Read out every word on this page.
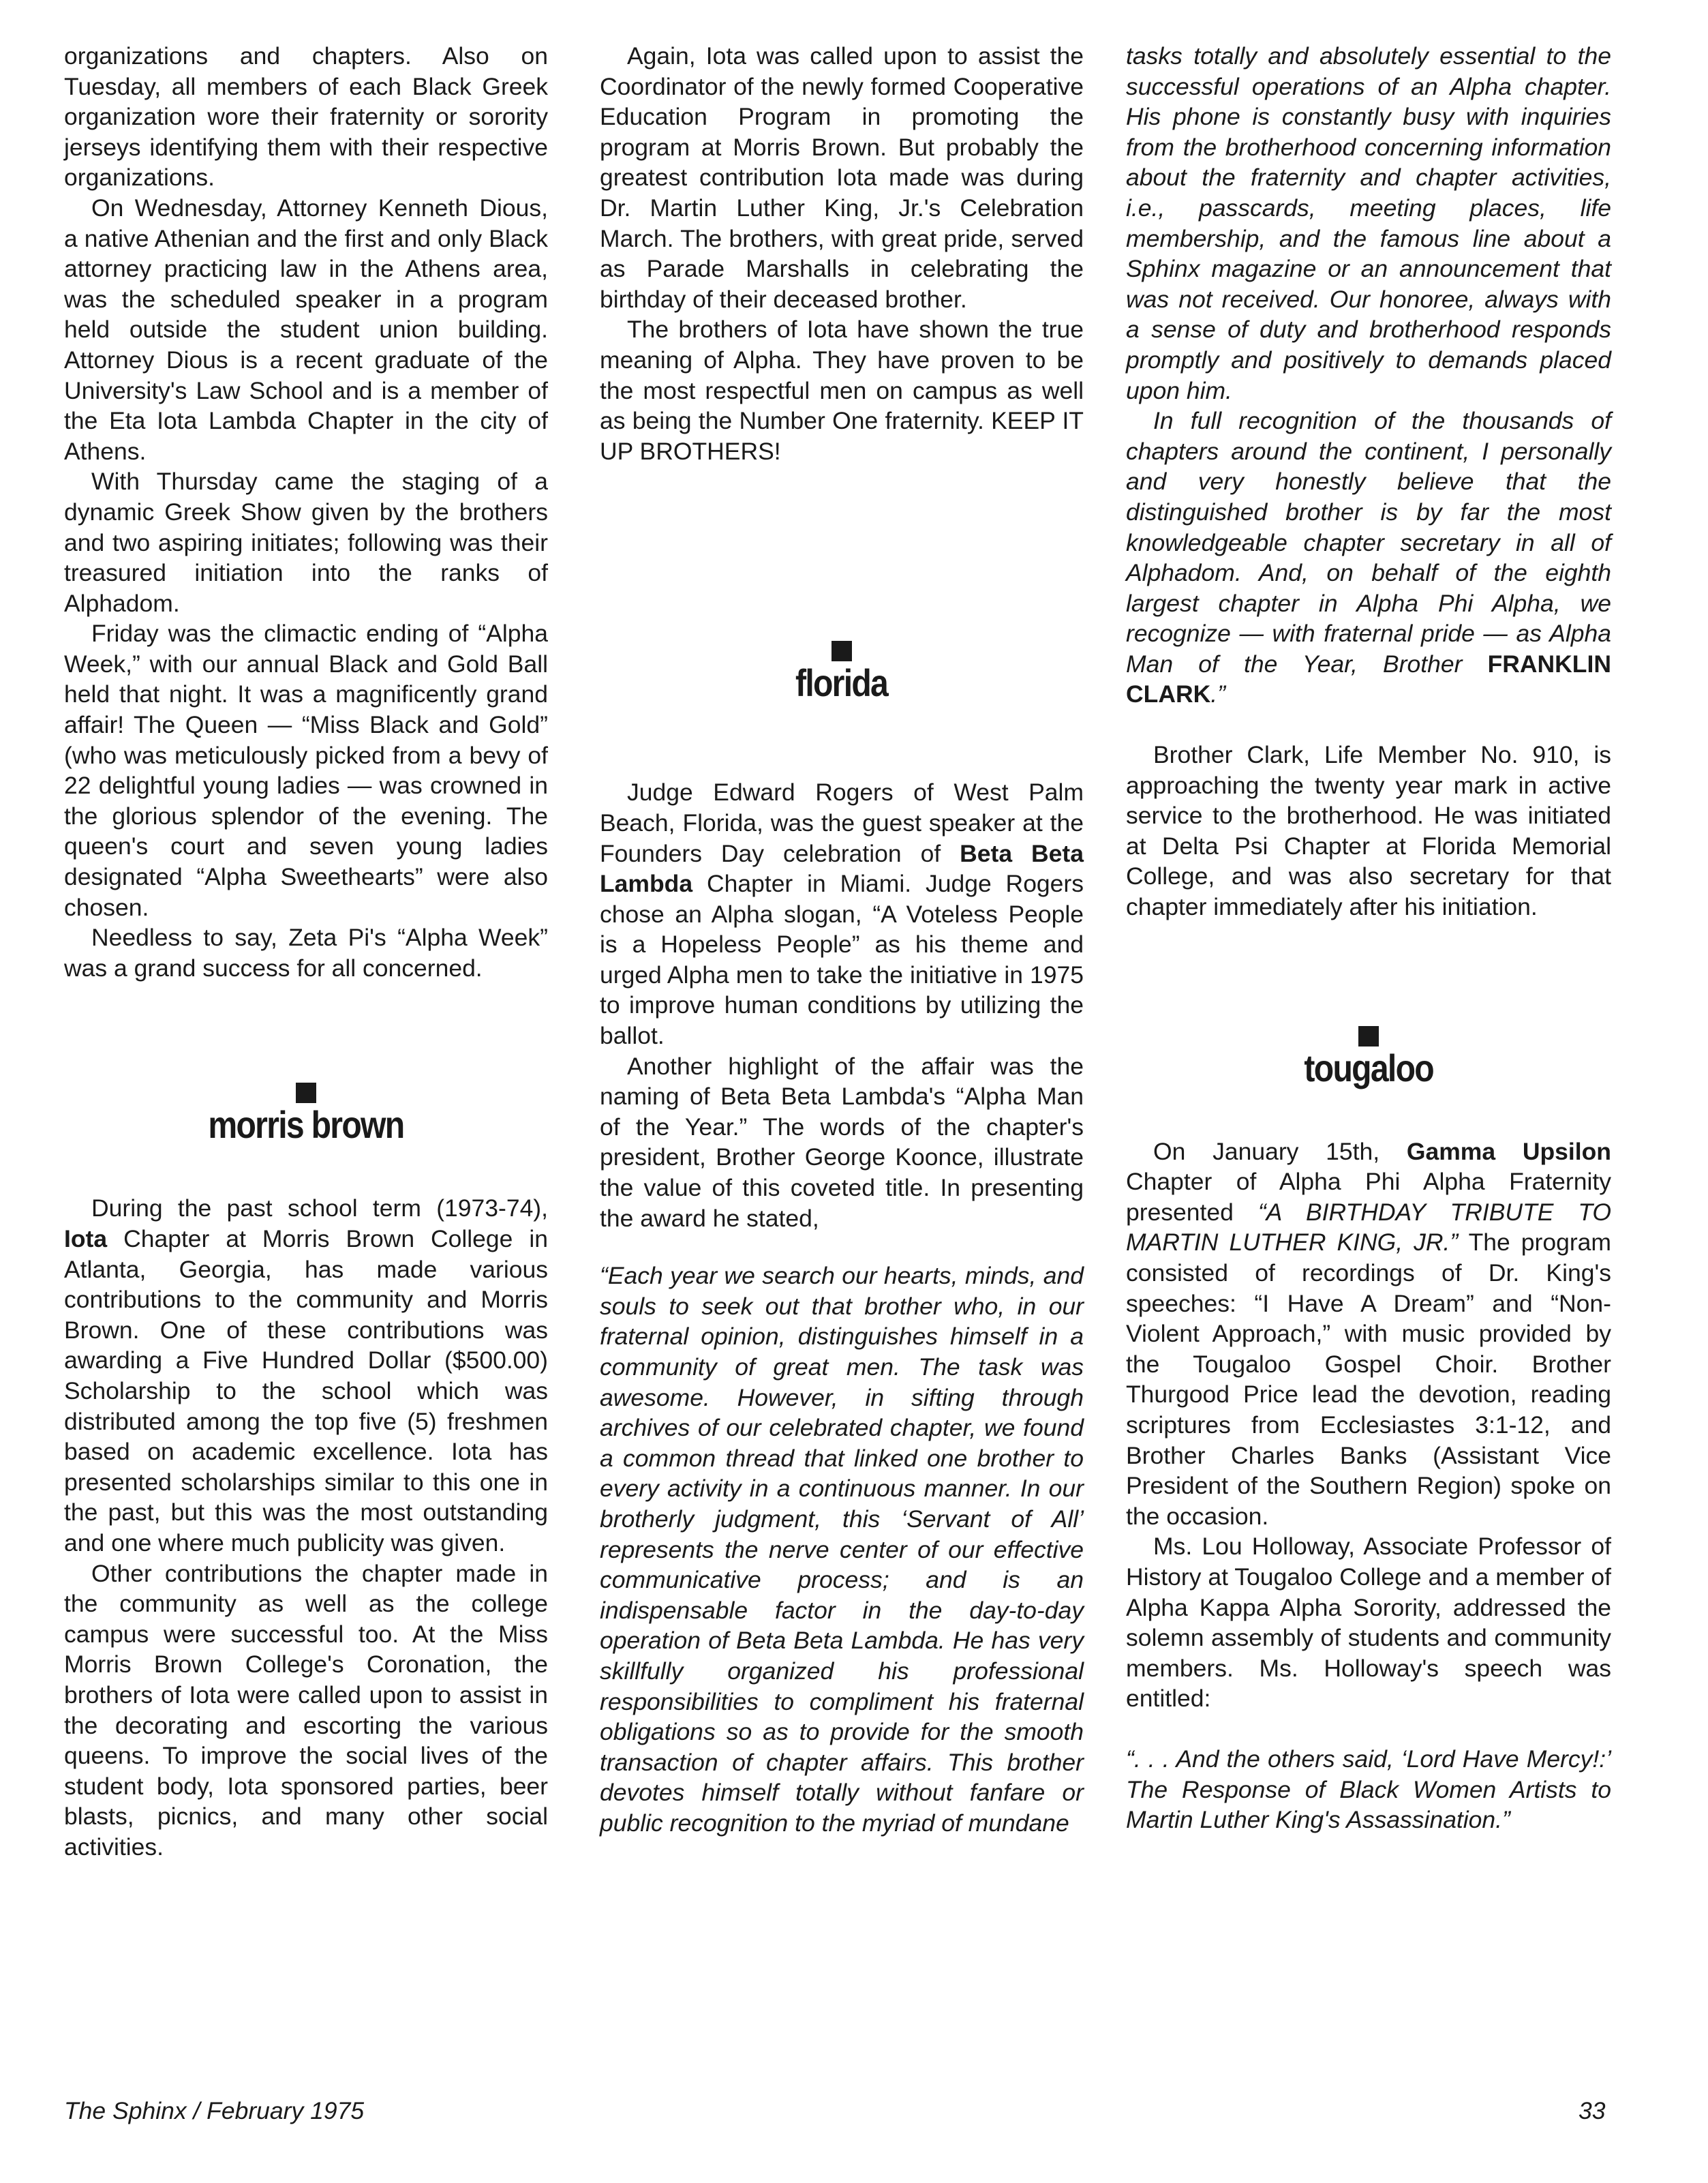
organizations and chapters. Also on Tuesday, all members of each Black Greek organization wore their fraternity or sorority jerseys identifying them with their respective organizations.

On Wednesday, Attorney Kenneth Dious, a native Athenian and the first and only Black attorney practicing law in the Athens area, was the scheduled speaker in a program held outside the student union building. Attorney Dious is a recent graduate of the University's Law School and is a member of the Eta Iota Lambda Chapter in the city of Athens.

With Thursday came the staging of a dynamic Greek Show given by the brothers and two aspiring initiates; following was their treasured initiation into the ranks of Alphadom.

Friday was the climactic ending of “Alpha Week,” with our annual Black and Gold Ball held that night. It was a magnificently grand affair! The Queen — “Miss Black and Gold” (who was meticulously picked from a bevy of 22 delightful young ladies — was crowned in the glorious splendor of the evening. The queen's court and seven young ladies designated “Alpha Sweethearts” were also chosen.

Needless to say, Zeta Pi's “Alpha Week” was a grand success for all concerned.

morris brown

During the past school term (1973-74), Iota Chapter at Morris Brown College in Atlanta, Georgia, has made various contributions to the community and Morris Brown. One of these contributions was awarding a Five Hundred Dollar ($500.00) Scholarship to the school which was distributed among the top five (5) freshmen based on academic excellence. Iota has presented scholarships similar to this one in the past, but this was the most outstanding and one where much publicity was given.

Other contributions the chapter made in the community as well as the college campus were successful too. At the Miss Morris Brown College's Coronation, the brothers of Iota were called upon to assist in the decorating and escorting the various queens. To improve the social lives of the student body, Iota sponsored parties, beer blasts, picnics, and many other social activities.

Again, Iota was called upon to assist the Coordinator of the newly formed Cooperative Education Program in promoting the program at Morris Brown. But probably the greatest contribution Iota made was during Dr. Martin Luther King, Jr.'s Celebration March. The brothers, with great pride, served as Parade Marshalls in celebrating the birthday of their deceased brother.

The brothers of Iota have shown the true meaning of Alpha. They have proven to be the most respectful men on campus as well as being the Number One fraternity. KEEP IT UP BROTHERS!

florida

Judge Edward Rogers of West Palm Beach, Florida, was the guest speaker at the Founders Day celebration of Beta Beta Lambda Chapter in Miami. Judge Rogers chose an Alpha slogan, “A Voteless People is a Hopeless People” as his theme and urged Alpha men to take the initiative in 1975 to improve human conditions by utilizing the ballot.

Another highlight of the affair was the naming of Beta Beta Lambda's “Alpha Man of the Year.” The words of the chapter's president, Brother George Koonce, illustrate the value of this coveted title. In presenting the award he stated,

“Each year we search our hearts, minds, and souls to seek out that brother who, in our fraternal opinion, distinguishes himself in a community of great men. The task was awesome. However, in sifting through archives of our celebrated chapter, we found a common thread that linked one brother to every activity in a continuous manner. In our brotherly judgment, this ‘Servant of All’ represents the nerve center of our effective communicative process; and is an indispensable factor in the day-to-day operation of Beta Beta Lambda. He has very skillfully organized his professional responsibilities to compliment his fraternal obligations so as to provide for the smooth transaction of chapter affairs. This brother devotes himself totally without fanfare or public recognition to the myriad of mundane

tasks totally and absolutely essential to the successful operations of an Alpha chapter. His phone is constantly busy with inquiries from the brotherhood concerning information about the fraternity and chapter activities, i.e., passcards, meeting places, life membership, and the famous line about a Sphinx magazine or an announcement that was not received. Our honoree, always with a sense of duty and brotherhood responds promptly and positively to demands placed upon him.

In full recognition of the thousands of chapters around the continent, I personally and very honestly believe that the distinguished brother is by far the most knowledgeable chapter secretary in all of Alphadom. And, on behalf of the eighth largest chapter in Alpha Phi Alpha, we recognize — with fraternal pride — as Alpha Man of the Year, Brother FRANKLIN CLARK.”

Brother Clark, Life Member No. 910, is approaching the twenty year mark in active service to the brotherhood. He was initiated at Delta Psi Chapter at Florida Memorial College, and was also secretary for that chapter immediately after his initiation.

tougaloo

On January 15th, Gamma Upsilon Chapter of Alpha Phi Alpha Fraternity presented “A BIRTHDAY TRIBUTE TO MARTIN LUTHER KING, JR.” The program consisted of recordings of Dr. King's speeches: “I Have A Dream” and “Non-Violent Approach,” with music provided by the Tougaloo Gospel Choir. Brother Thurgood Price lead the devotion, reading scriptures from Ecclesiastes 3:1-12, and Brother Charles Banks (Assistant Vice President of the Southern Region) spoke on the occasion.

Ms. Lou Holloway, Associate Professor of History at Tougaloo College and a member of Alpha Kappa Alpha Sorority, addressed the solemn assembly of students and community members. Ms. Holloway's speech was entitled:

“. . . And the others said, ‘Lord Have Mercy!:’ The Response of Black Women Artists to Martin Luther King's Assassination.”

The Sphinx / February 1975	33
